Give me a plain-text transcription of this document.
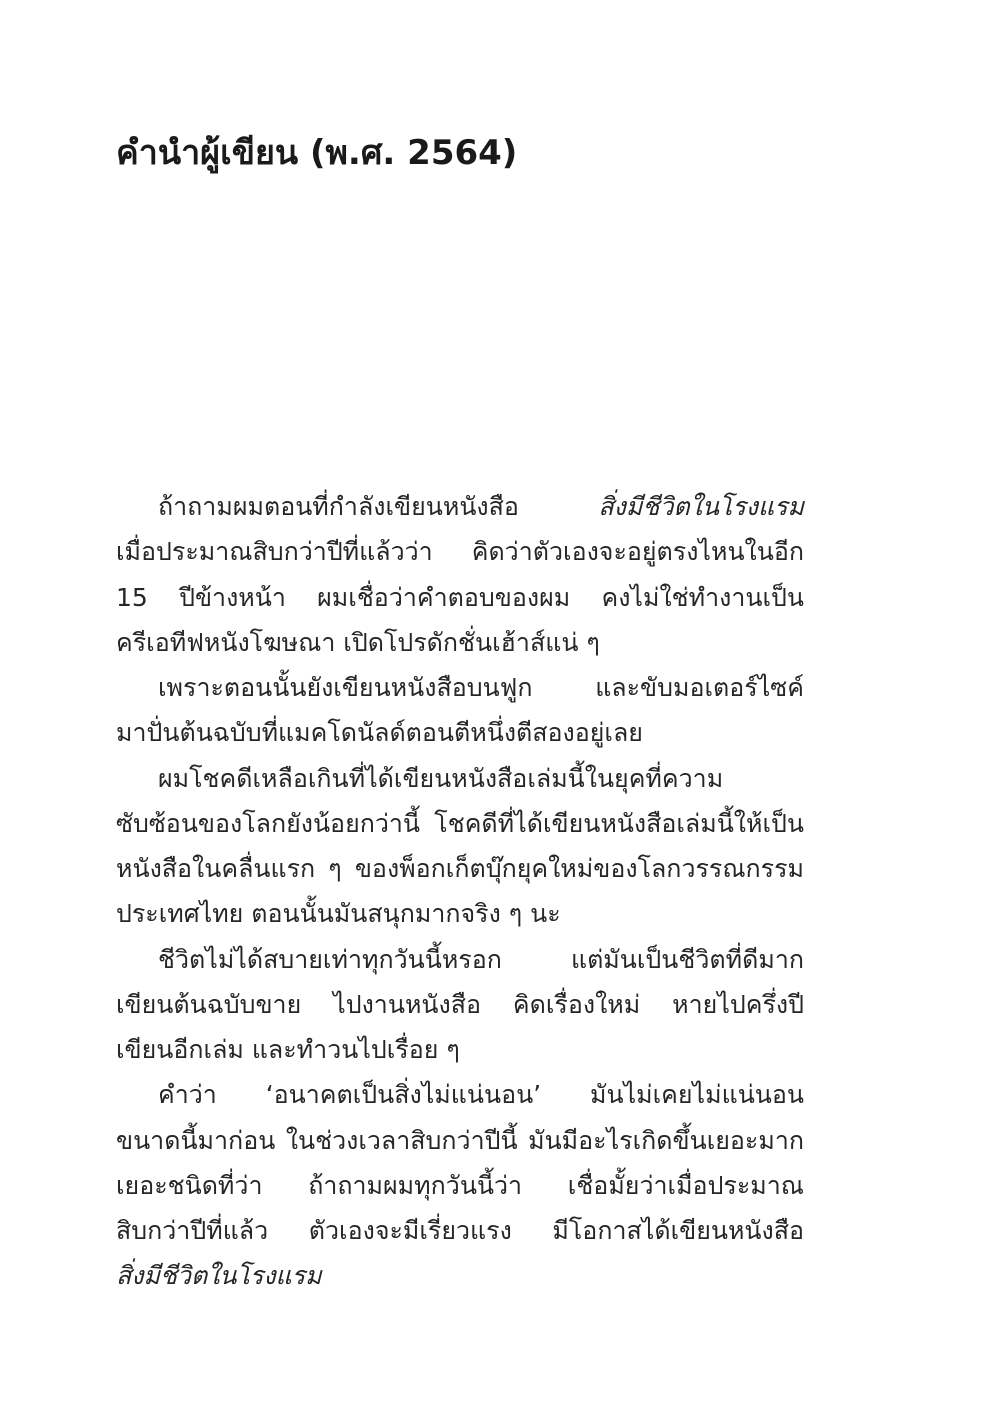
คำนำผู้เขียน (พ.ศ. 2564)
ถ้าถามผมตอนที่กำลังเขียนหนังสือ สิ่งมีชีวิตในโรงแรม
เมื่อประมาณสิบกว่าปีที่แล้วว่า คิดว่าตัวเองจะอยู่ตรงไหนในอีก
15 ปีข้างหน้า ผมเชื่อว่าคำตอบของผม คงไม่ใช่ทำงานเป็น
ครีเอทีฟหนังโฆษณา เปิดโปรดักชั่นเฮ้าส์แน่ ๆ
เพราะตอนนั้นยังเขียนหนังสือบนฟูก และขับมอเตอร์ไซค์
มาปั่นต้นฉบับที่แมคโดนัลด์ตอนตีหนึ่งตีสองอยู่เลย
ผมโชคดีเหลือเกินที่ได้เขียนหนังสือเล่มนี้ในยุคที่ความ
ซับซ้อนของโลกยังน้อยกว่านี้ โชคดีที่ได้เขียนหนังสือเล่มนี้ให้เป็น
หนังสือในคลื่นแรก ๆ ของพ็อกเก็ตบุ๊กยุคใหม่ของโลกวรรณกรรม
ประเทศไทย ตอนนั้นมันสนุกมากจริง ๆ นะ
ชีวิตไม่ได้สบายเท่าทุกวันนี้หรอก แต่มันเป็นชีวิตที่ดีมาก
เขียนต้นฉบับขาย ไปงานหนังสือ คิดเรื่องใหม่ หายไปครึ่งปี
เขียนอีกเล่ม และทำวนไปเรื่อย ๆ
คำว่า ‘อนาคตเป็นสิ่งไม่แน่นอน’ มันไม่เคยไม่แน่นอน
ขนาดนี้มาก่อน ในช่วงเวลาสิบกว่าปีนี้ มันมีอะไรเกิดขึ้นเยอะมาก
เยอะชนิดที่ว่า ถ้าถามผมทุกวันนี้ว่า เชื่อมั้ยว่าเมื่อประมาณ
สิบกว่าปีที่แล้ว ตัวเองจะมีเรี่ยวแรง มีโอกาสได้เขียนหนังสือ
สิ่งมีชีวิตในโรงแรม
